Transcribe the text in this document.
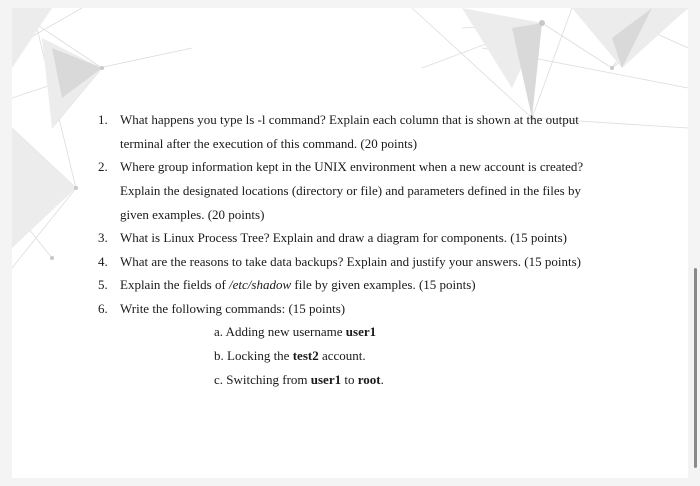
1. What happens you type ls -l command? Explain each column that is shown at the output
terminal after the execution of this command. (20 points)
2. Where group information kept in the UNIX environment when a new account is created?
Explain the designated locations (directory or file) and parameters defined in the files by
given examples. (20 points)
3. What is Linux Process Tree? Explain and draw a diagram for components. (15 points)
4. What are the reasons to take data backups? Explain and justify your answers. (15 points)
5. Explain the fields of /etc/shadow file by given examples. (15 points)
6. Write the following commands: (15 points)
a. Adding new username user1
b. Locking the test2 account.
c. Switching from user1 to root.
